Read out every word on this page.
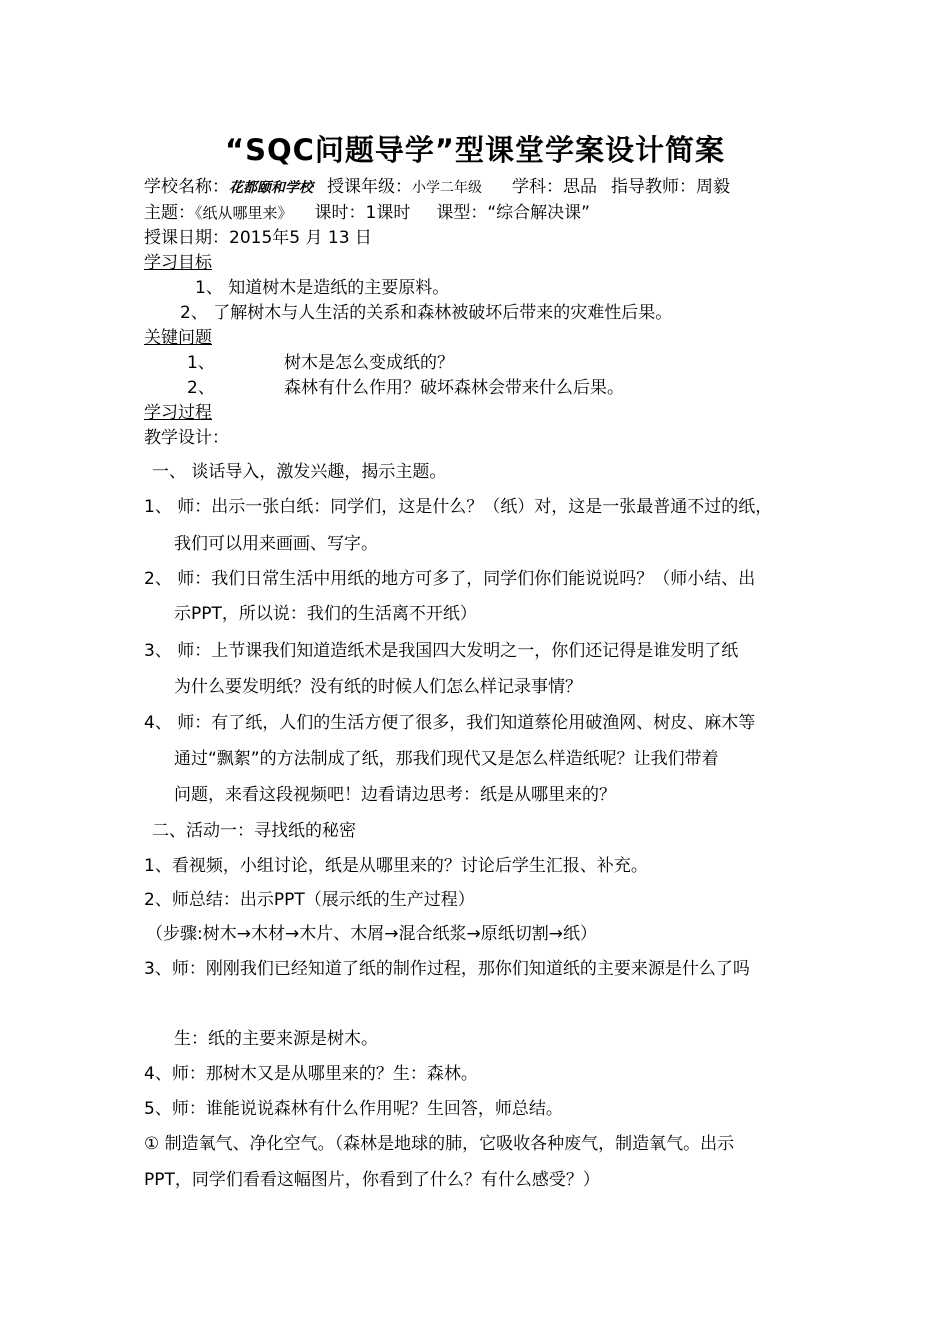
“SQC问题导学”型课堂学案设计简案
学校名称：花都颐和学校 授课年级：小学二年级 学科：思品 指导教师：周毅
主题：《纸从哪里来》 课时：1课时 课型：“综合解决课”
授课日期：2015年5 月 13 日
学习目标
1、 知道树木是造纸的主要原料。
2、 了解树木与人生活的关系和森林被破坏后带来的灾难性后果。
关键问题
1、	树木是怎么变成纸的？
2、	森林有什么作用？破坏森林会带来什么后果。
学习过程
教学设计：
一、 谈话导入，激发兴趣，揭示主题。
1、 师：出示一张白纸：同学们，这是什么？（纸）对，这是一张最普通不过的纸，
我们可以用来画画、写字。
2、 师：我们日常生活中用纸的地方可多了，同学们你们能说说吗？（师小结、出
示PPT，所以说：我们的生活离不开纸）
3、 师：上节课我们知道造纸术是我国四大发明之一，你们还记得是谁发明了纸
为什么要发明纸？没有纸的时候人们怎么样记录事情？
4、 师：有了纸，人们的生活方便了很多，我们知道蔡伦用破渔网、树皮、麻木等
通过“飘絮”的方法制成了纸，那我们现代又是怎么样造纸呢？让我们带着
问题，来看这段视频吧！边看请边思考：纸是从哪里来的？
二、活动一：寻找纸的秘密
1、看视频，小组讨论，纸是从哪里来的？讨论后学生汇报、补充。
2、师总结：出示PPT（展示纸的生产过程）
（步骤:树木→木材→木片、木屑→混合纸浆→原纸切割→纸）
3、师：刚刚我们已经知道了纸的制作过程，那你们知道纸的主要来源是什么了吗
生：纸的主要来源是树木。
4、师：那树木又是从哪里来的？生：森林。
5、师：谁能说说森林有什么作用呢？生回答，师总结。
① 制造氧气、净化空气。（森林是地球的肺，它吸收各种废气，制造氧气。出示
PPT，同学们看看这幅图片，你看到了什么？有什么感受？）
